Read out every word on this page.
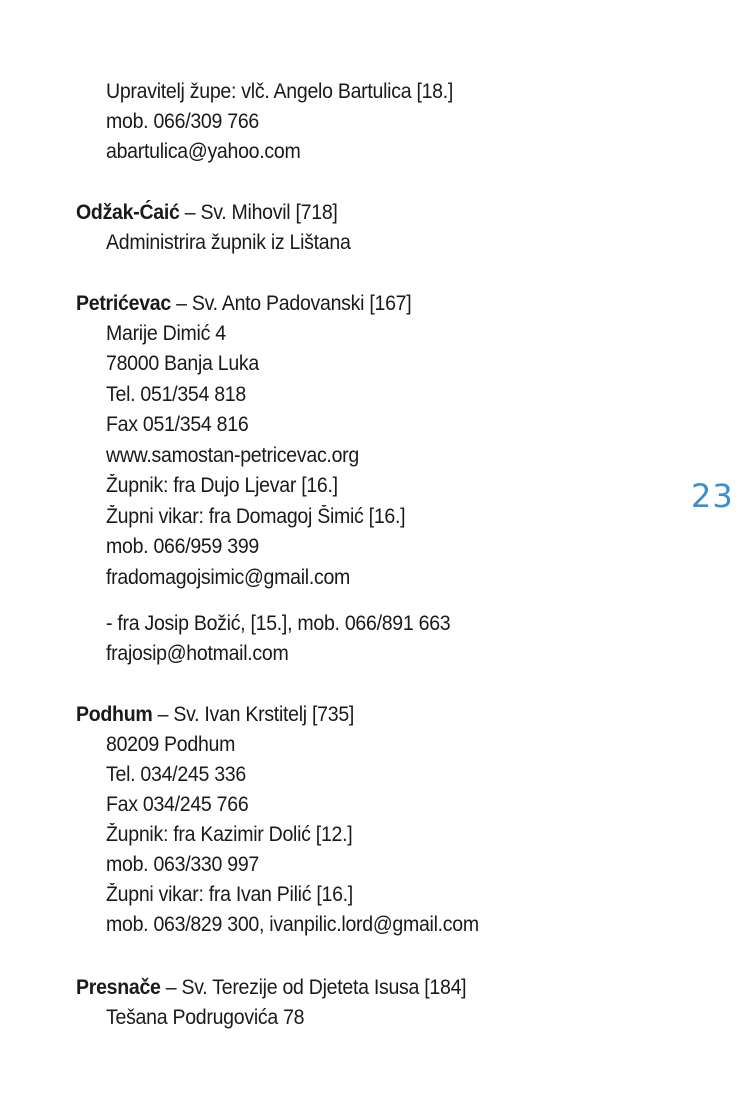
Upravitelj župe: vlč. Angelo Bartulica [18.]
mob. 066/309 766
abartulica@yahoo.com
Odžak-Ćaić – Sv. Mihovil [718]
Administrira župnik iz Lištana
Petrićevac – Sv. Anto Padovanski [167]
Marije Dimić 4
78000 Banja Luka
Tel. 051/354 818
Fax 051/354 816
www.samostan-petricevac.org
Župnik: fra Dujo Ljevar [16.]
Župni vikar: fra Domagoj Šimić [16.]
mob. 066/959 399
fradomagojsimic@gmail.com
- fra Josip Božić, [15.], mob. 066/891 663
frajosip@hotmail.com
Podhum – Sv. Ivan Krstitelj [735]
80209 Podhum
Tel. 034/245 336
Fax 034/245 766
Župnik: fra Kazimir Dolić [12.]
mob. 063/330 997
Župni vikar: fra Ivan Pilić [16.]
mob. 063/829 300, ivanpilic.lord@gmail.com
Presnače – Sv. Terezije od Djeteta Isusa [184]
Tešana Podrugovića 78
23
